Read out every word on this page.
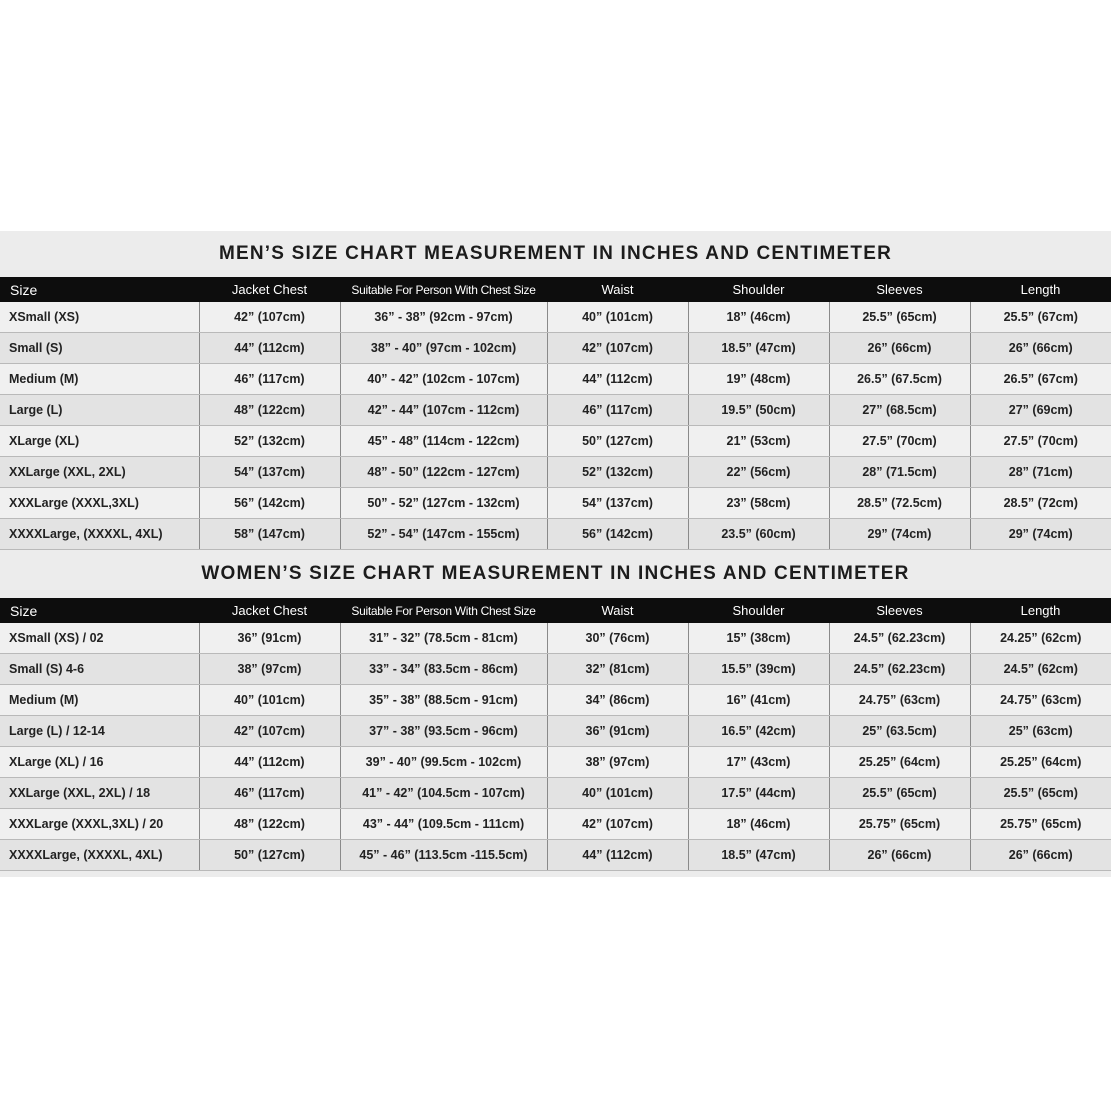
MEN’S SIZE CHART MEASUREMENT IN INCHES AND CENTIMETER
Size	Jacket Chest	Suitable For Person With Chest Size	Waist	Shoulder	Sleeves	Length
XSmall (XS)	42” (107cm)	36” - 38” (92cm - 97cm)	40” (101cm)	18” (46cm)	25.5” (65cm)	25.5” (67cm)
Small (S)	44” (112cm)	38” - 40” (97cm - 102cm)	42” (107cm)	18.5” (47cm)	26” (66cm)	26” (66cm)
Medium (M)	46” (117cm)	40” - 42” (102cm - 107cm)	44” (112cm)	19” (48cm)	26.5” (67.5cm)	26.5” (67cm)
Large (L)	48” (122cm)	42” - 44” (107cm - 112cm)	46” (117cm)	19.5” (50cm)	27” (68.5cm)	27” (69cm)
XLarge (XL)	52” (132cm)	45” - 48” (114cm - 122cm)	50” (127cm)	21” (53cm)	27.5” (70cm)	27.5” (70cm)
XXLarge (XXL, 2XL)	54” (137cm)	48” - 50” (122cm - 127cm)	52” (132cm)	22” (56cm)	28” (71.5cm)	28” (71cm)
XXXLarge (XXXL,3XL)	56” (142cm)	50” - 52” (127cm - 132cm)	54” (137cm)	23” (58cm)	28.5” (72.5cm)	28.5” (72cm)
XXXXLarge, (XXXXL, 4XL)	58” (147cm)	52” - 54” (147cm - 155cm)	56” (142cm)	23.5” (60cm)	29” (74cm)	29” (74cm)
WOMEN’S SIZE CHART MEASUREMENT IN INCHES AND CENTIMETER
Size	Jacket Chest	Suitable For Person With Chest Size	Waist	Shoulder	Sleeves	Length
XSmall (XS) / 02	36” (91cm)	31” - 32” (78.5cm - 81cm)	30” (76cm)	15” (38cm)	24.5” (62.23cm)	24.25” (62cm)
Small (S) 4-6	38” (97cm)	33” - 34” (83.5cm - 86cm)	32” (81cm)	15.5” (39cm)	24.5” (62.23cm)	24.5” (62cm)
Medium (M)	40” (101cm)	35” - 38” (88.5cm - 91cm)	34” (86cm)	16” (41cm)	24.75” (63cm)	24.75” (63cm)
Large (L) / 12-14	42” (107cm)	37” - 38” (93.5cm - 96cm)	36” (91cm)	16.5” (42cm)	25” (63.5cm)	25” (63cm)
XLarge (XL) / 16	44” (112cm)	39” - 40” (99.5cm - 102cm)	38” (97cm)	17” (43cm)	25.25” (64cm)	25.25” (64cm)
XXLarge (XXL, 2XL) / 18	46” (117cm)	41” - 42” (104.5cm - 107cm)	40” (101cm)	17.5” (44cm)	25.5” (65cm)	25.5” (65cm)
XXXLarge (XXXL,3XL) / 20	48” (122cm)	43” - 44” (109.5cm - 111cm)	42” (107cm)	18” (46cm)	25.75” (65cm)	25.75” (65cm)
XXXXLarge, (XXXXL, 4XL)	50” (127cm)	45” - 46” (113.5cm -115.5cm)	44” (112cm)	18.5” (47cm)	26” (66cm)	26” (66cm)
